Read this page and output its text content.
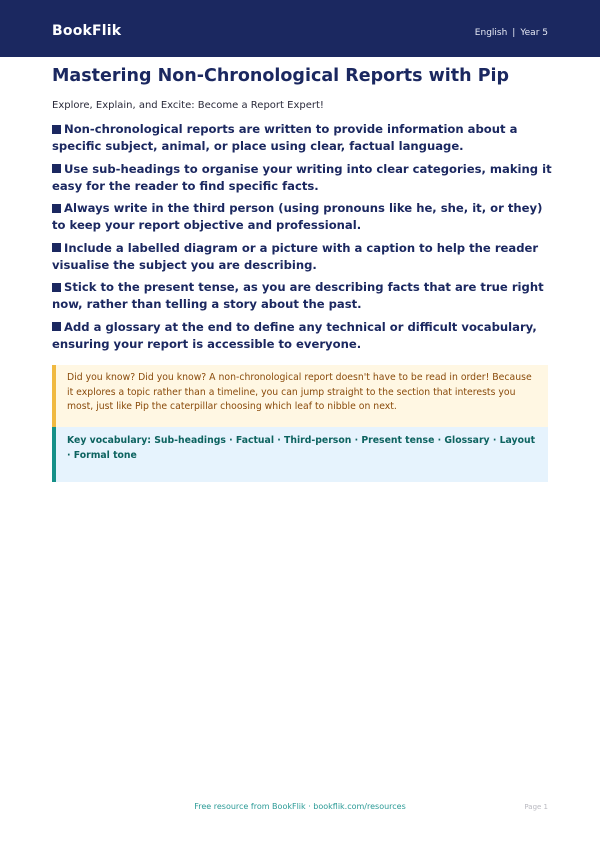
BookFlik	English | Year 5
Mastering Non-Chronological Reports with Pip
Explore, Explain, and Excite: Become a Report Expert!
Non-chronological reports are written to provide information about a specific subject, animal, or place using clear, factual language.
Use sub-headings to organise your writing into clear categories, making it easy for the reader to find specific facts.
Always write in the third person (using pronouns like he, she, it, or they) to keep your report objective and professional.
Include a labelled diagram or a picture with a caption to help the reader visualise the subject you are describing.
Stick to the present tense, as you are describing facts that are true right now, rather than telling a story about the past.
Add a glossary at the end to define any technical or difficult vocabulary, ensuring your report is accessible to everyone.
Did you know? Did you know? A non-chronological report doesn't have to be read in order! Because it explores a topic rather than a timeline, you can jump straight to the section that interests you most, just like Pip the caterpillar choosing which leaf to nibble on next.
Key vocabulary: Sub-headings · Factual · Third-person · Present tense · Glossary · Layout · Formal tone
Free resource from BookFlik · bookflik.com/resources	Page 1
